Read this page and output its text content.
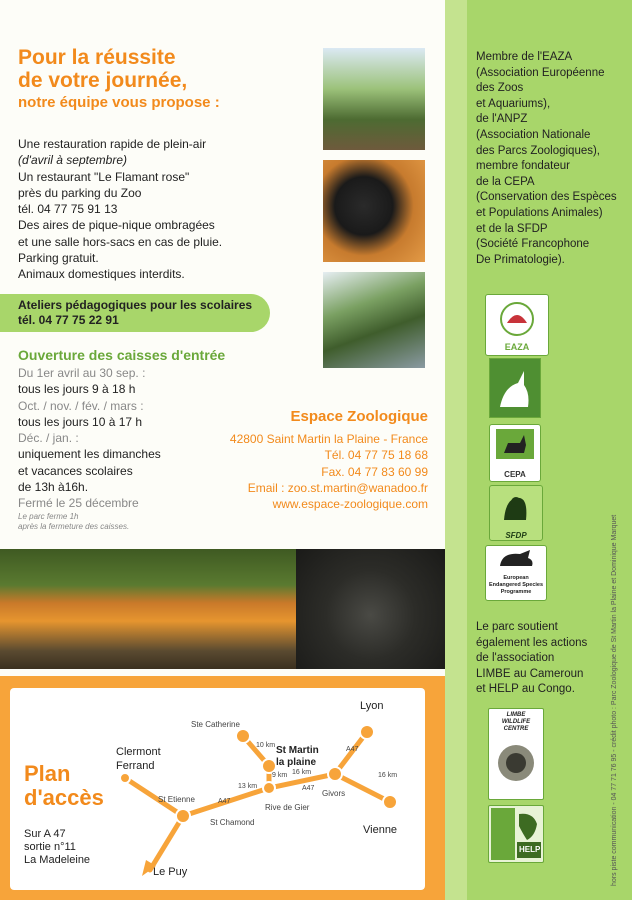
Pour la réussite
de votre journée,
notre équipe vous propose :
Une restauration rapide de plein-air
(d'avril à septembre)
Un restaurant "Le Flamant rose"
près du parking du Zoo
tél. 04 77 75 91 13
Des aires de pique-nique ombragées
et une salle hors-sacs en cas de pluie.
Parking gratuit.
Animaux domestiques interdits.
Ateliers pédagogiques pour les scolaires
tél. 04 77 75 22 91
Ouverture des caisses d'entrée
Du 1er avril au 30 sep. :
tous les jours 9 à 18 h
Oct. / nov. / fév. / mars :
tous les jours 10 à 17 h
Déc. / jan. :
uniquement les dimanches
et vacances scolaires
de 13h à16h.
Fermé le 25 décembre
Le parc ferme 1h
après la fermeture des caisses.
Espace Zoologique
42800 Saint Martin la Plaine - France
Tél. 04 77 75 18 68
Fax. 04 77 83 60 99
Email : zoo.st.martin@wanadoo.fr
www.espace-zoologique.com
Plan
d'accès
Sur A 47
sortie n°11
La Madeleine
Lyon
Clermont
Ferrand
Ste Catherine
St Martin
la plaine
St Etienne
St Chamond
Rive de Gier
Givors
Vienne
Le Puy
A47
A47
A47
13 km
16 km
10 km
9 km	16 km
Membre de l'EAZA
(Association Européenne
des Zoos
et Aquariums),
de l'ANPZ
(Association Nationale
des Parcs Zoologiques),
membre fondateur
de la CEPA
(Conservation des Espèces
et Populations Animales)
et de la SFDP
(Société Francophone
De Primatologie).
EAZA
CEPA
SFDP
European
Endangered Species
Programme
Le parc soutient
également les actions
de l'association
LIMBE au Cameroun
et HELP au Congo.
LIMBE
WILDLIFE
CENTRE
HELP	hors piste communication - 04 77 71 76 95 - crédit photo : Parc Zoologique de St Martin la Plaine et Dominique Marquet
